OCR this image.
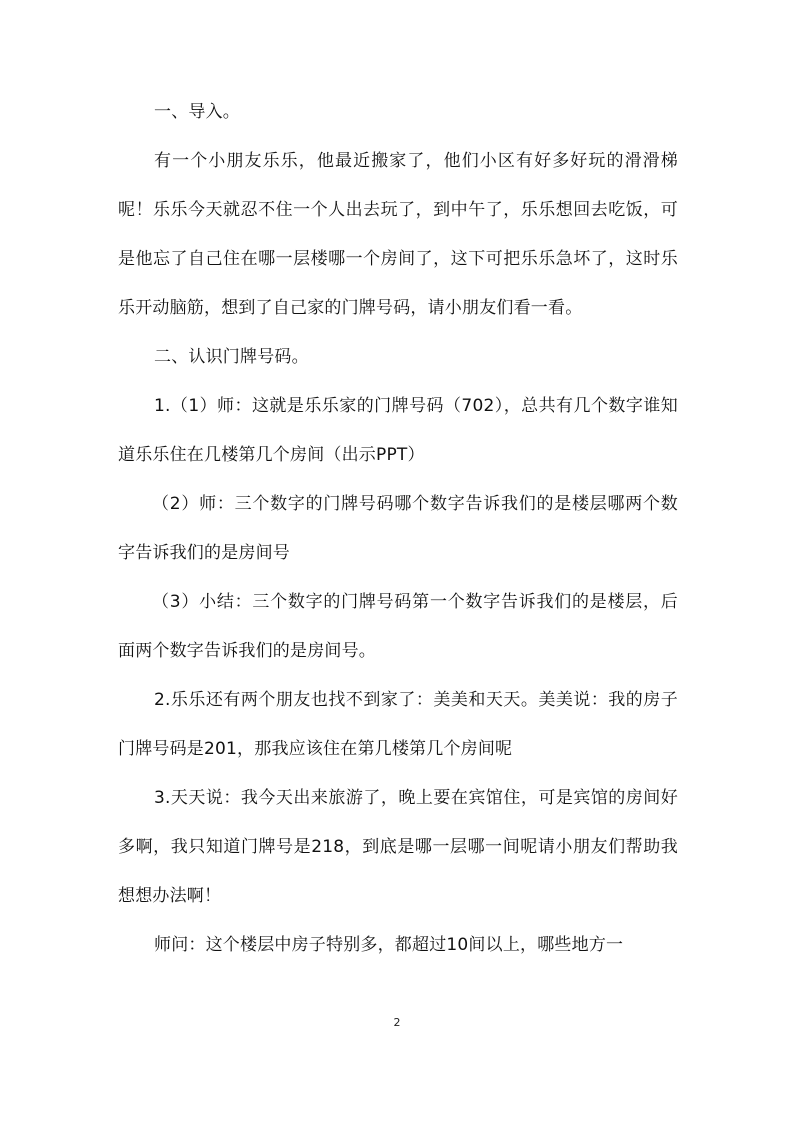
一、导入。

有一个小朋友乐乐，他最近搬家了，他们小区有好多好玩的滑滑梯呢！乐乐今天就忍不住一个人出去玩了，到中午了，乐乐想回去吃饭，可是他忘了自己住在哪一层楼哪一个房间了，这下可把乐乐急坏了，这时乐乐开动脑筋，想到了自己家的门牌号码，请小朋友们看一看。

二、认识门牌号码。

1.（1）师：这就是乐乐家的门牌号码（702），总共有几个数字谁知道乐乐住在几楼第几个房间（出示PPT）

（2）师：三个数字的门牌号码哪个数字告诉我们的是楼层哪两个数字告诉我们的是房间号

（3）小结：三个数字的门牌号码第一个数字告诉我们的是楼层，后面两个数字告诉我们的是房间号。

2.乐乐还有两个朋友也找不到家了：美美和天天。美美说：我的房子门牌号码是201，那我应该住在第几楼第几个房间呢

3.天天说：我今天出来旅游了，晚上要在宾馆住，可是宾馆的房间好多啊，我只知道门牌号是218，到底是哪一层哪一间呢请小朋友们帮助我想想办法啊！

师问：这个楼层中房子特别多，都超过10间以上，哪些地方一

2
